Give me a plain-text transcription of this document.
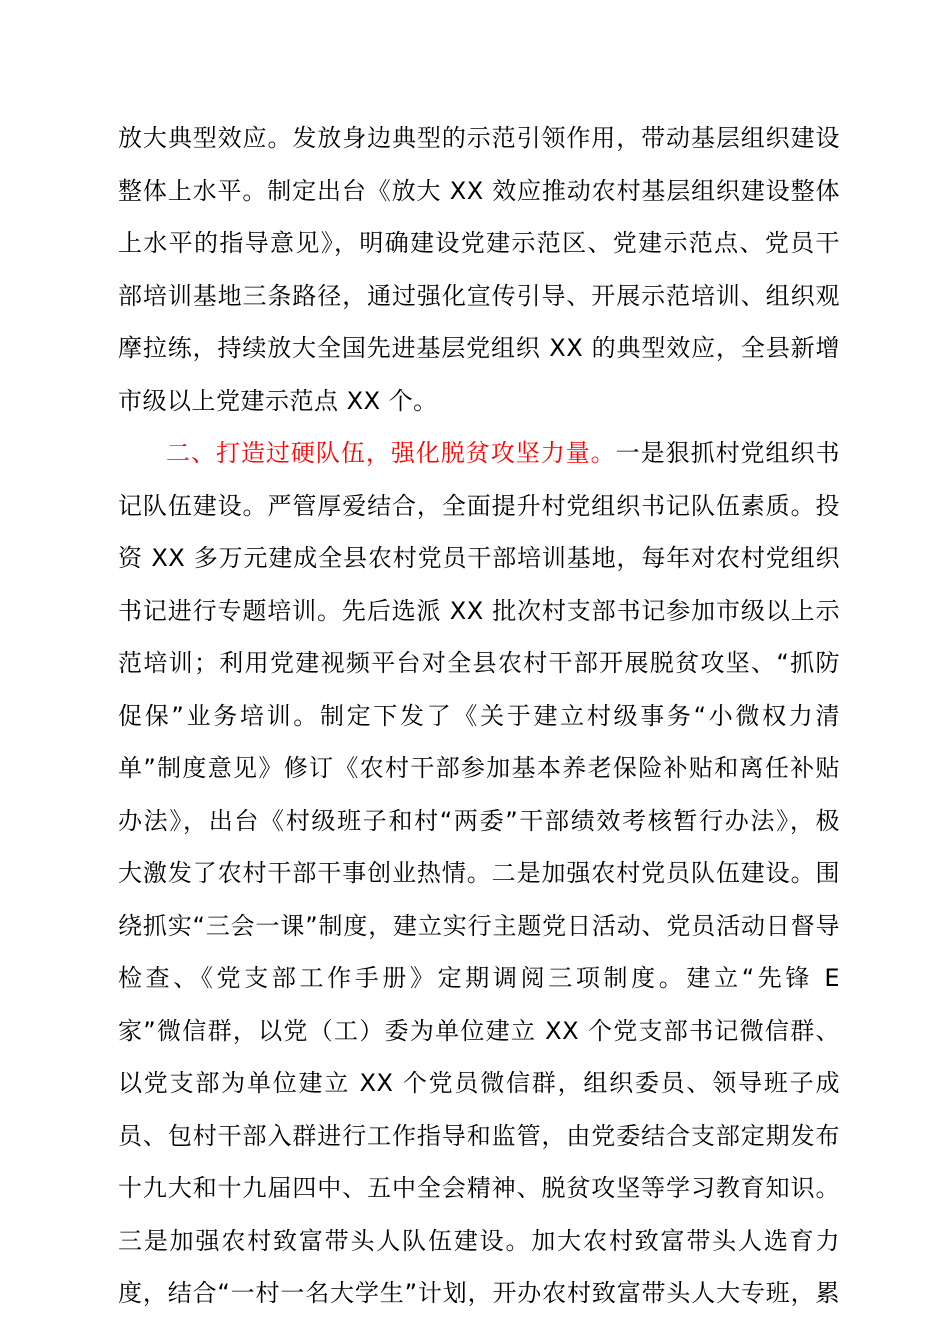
放大典型效应。发放身边典型的示范引领作用，带动基层组织建设
整体上水平。制定出台《放大 XX 效应推动农村基层组织建设整体
上水平的指导意见》，明确建设党建示范区、党建示范点、党员干
部培训基地三条路径，通过强化宣传引导、开展示范培训、组织观
摩拉练，持续放大全国先进基层党组织 XX 的典型效应，全县新增
市级以上党建示范点 XX 个。
二、打造过硬队伍，强化脱贫攻坚力量。一是狠抓村党组织书
记队伍建设。严管厚爱结合，全面提升村党组织书记队伍素质。投
资 XX 多万元建成全县农村党员干部培训基地，每年对农村党组织
书记进行专题培训。先后选派 XX 批次村支部书记参加市级以上示
范培训；利用党建视频平台对全县农村干部开展脱贫攻坚、“抓防
促保”业务培训。制定下发了《关于建立村级事务“小微权力清
单”制度意见》修订《农村干部参加基本养老保险补贴和离任补贴
办法》，出台《村级班子和村“两委”干部绩效考核暂行办法》，极
大激发了农村干部干事创业热情。二是加强农村党员队伍建设。围
绕抓实“三会一课”制度，建立实行主题党日活动、党员活动日督导
检查、《党支部工作手册》定期调阅三项制度。建立“先锋 E
家”微信群，以党（工）委为单位建立 XX 个党支部书记微信群、
以党支部为单位建立 XX 个党员微信群，组织委员、领导班子成
员、包村干部入群进行工作指导和监管，由党委结合支部定期发布
十九大和十九届四中、五中全会精神、脱贫攻坚等学习教育知识。
三是加强农村致富带头人队伍建设。加大农村致富带头人选育力
度，结合“一村一名大学生”计划，开办农村致富带头人大专班，累
